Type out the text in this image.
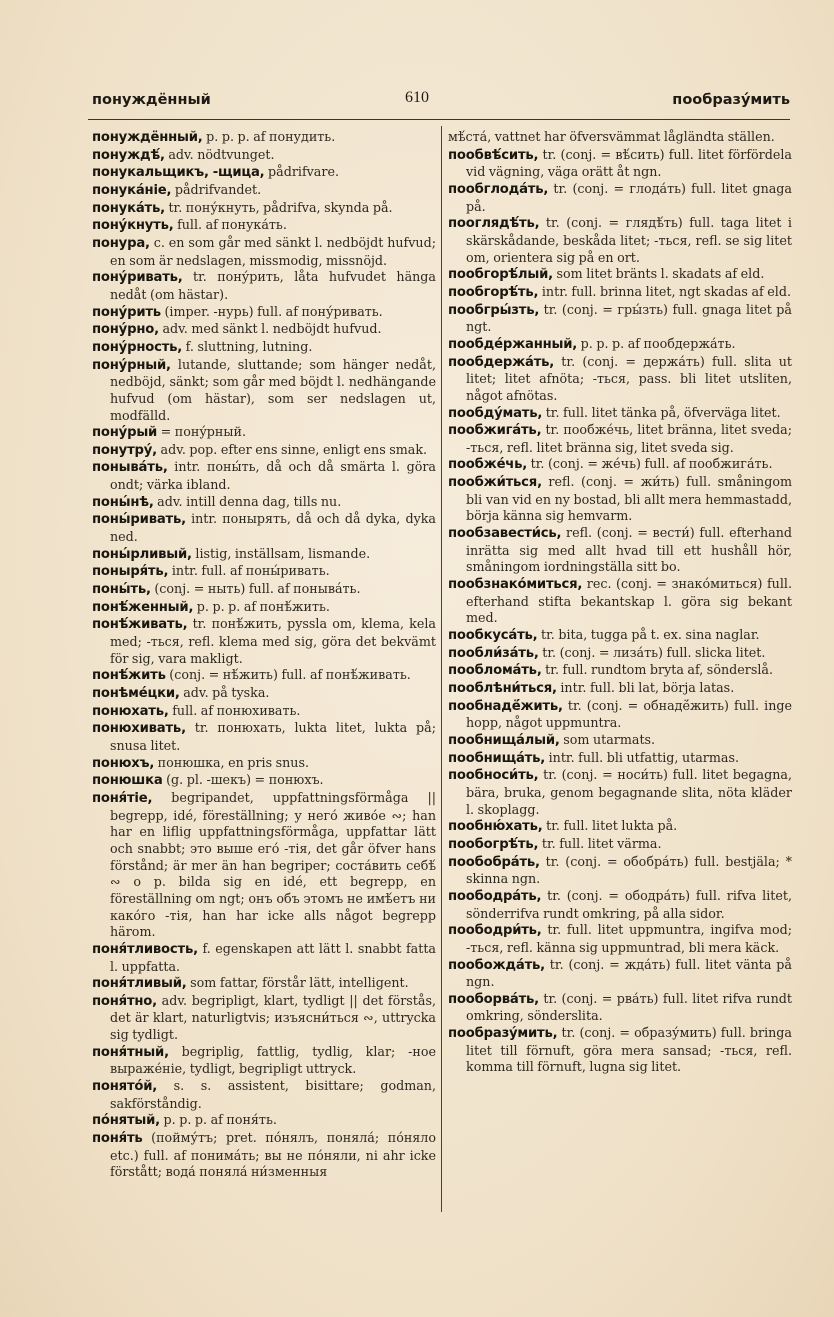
понуждённый	610	пообразу́мить

понуждённый, p. p. p. af понудить.

понуждѣ́, adv. nödtvunget.

понукальщикъ, -щица, pådrifvare.

понука́ніе, pådrifvandet.

понука́ть, tr. пону́кнуть, pådrifva, skynda på.

пону́кнуть, full. af понука́ть.

понура, c. en som går med sänkt l. nedböjdt hufvud; en som är nedslagen, missmodig, missnöjd.

пону́ривать, tr. пону́рить, låta hufvudet hänga nedåt (om hästar).

пону́рить (imper. -нурь) full. af пону́ривать.

пону́рно, adv. med sänkt l. nedböjdt hufvud.

пону́рность, f. sluttning, lutning.

пону́рный, lutande, sluttande; som hänger nedåt, nedböjd, sänkt; som går med böjdt l. nedhängande hufvud (om hästar), som ser nedslagen ut, modfälld.

пону́рый = пону́рный.

понутру́, adv. pop. efter ens sinne, enligt ens smak.

понывáть, intr. поны́ть, då och då smärta l. göra ondt; värka ibland.

поны́нѣ, adv. intill denna dag, tills nu.

поны́ривать, intr. понырять, då och då dyka, dyka ned.

поны́рливый, listig, inställsam, lismande.

поныря́ть, intr. full. af поны́ривать.

поны́ть, (conj. = ныть) full. af понывáть.

понѣ́женный, p. p. p. af понѣ́жить.

понѣ́живать, tr. понѣ́жить, pyssla om, klema, kela med; -ться, refl. klema med sig, göra det bekvämt för sig, vara makligt.

понѣ́жить (conj. = нѣ́жить) full. af понѣ́живать.

понѣмéцки, adv. på tyska.

понюхать, full. af понюхивать.

понюхивать, tr. понюхать, lukta litet, lukta på; snusa litet.

понюхъ, понюшка, en pris snus.

понюшка (g. pl. -шекъ) = понюхъ.

поня́тіе, begripandet, uppfattningsförmåga || begrepp, idé, föreställning; у него́ живо́е ∾; han har en liflig uppfattningsförmåga, uppfattar lätt och snabbt; это выше его́ -тія, det går öfver hans förstånd; är mer än han begriper; соста́вить себѣ́ ∾ о р. bilda sig en idé, ett begrepp, en föreställning om ngt; онъ объ этомъ не имѣ́етъ ни како́го -тія, han har icke alls något begrepp härom.

поня́тливость, f. egenskapen att lätt l. snabbt fatta l. uppfatta.

поня́тливый, som fattar, förstår lätt, intelligent.

поня́тно, adv. begripligt, klart, tydligt || det förstås, det är klart, naturligtvis; изъясни́ться ∾, uttrycka sig tydligt.

поня́тный, begriplig, fattlig, tydlig, klar; -ное выраже́ніе, tydligt, begripligt uttryck.

понято́й, s. s. assistent, bisittare; godman, sakförståndig.

по́нятый, p. p. p. af поня́ть.

поня́ть (пойму́тъ; pret. по́нялъ, поняла́; по́няло etc.) full. af понимáть; вы не по́няли, ni ahr icke förstått; вода́ поняла́ ни́зменныя

мѣ́ста́, vattnet har öfversvämmat lågländta ställen.

пообвѣ́сить, tr. (conj. = вѣ́сить) full. litet förfördela vid vägning, väga orätt åt ngn.

пообглода́ть, tr. (conj. = глода́ть) full. litet gnaga på.

пооглядѣ́ть, tr. (conj. = глядѣ́ть) full. taga litet i skärskådande, beskåda litet; -ться, refl. se sig litet om, orientera sig på en ort.

пообгорѣ́лый, som litet bränts l. skadats af eld.

пообгорѣ́ть, intr. full. brinna litet, ngt skadas af eld.

пообгры́зть, tr. (conj. = гры́зть) full. gnaga litet på ngt.

пообдéржанный, p. p. p. af пообдержа́ть.

пообдержа́ть, tr. (conj. = держа́ть) full. slita ut litet; litet afnöta; -ться, pass. bli litet utsliten, något afnötas.

пообду́мать, tr. full. litet tänka på, öfverväga litet.

пообжига́ть, tr. пообже́чь, litet bränna, litet sveda; -ться, refl. litet bränna sig, litet sveda sig.

пообже́чь, tr. (conj. = же́чь) full. af пообжига́ть.

пообжи́ться, refl. (conj. = жи́ть) full. småningom bli van vid en ny bostad, bli allt mera hemmastadd, börja känna sig hemvarm.

пообзавести́сь, refl. (conj. = вести́) full. efterhand inrätta sig med allt hvad till ett hushåll hör, småningom iordningställa sitt bo.

пообзнако́миться, rec. (conj. = знако́миться) full. efterhand stifta bekantskap l. göra sig bekant med.

пообкуса́ть, tr. bita, tugga på t. ex. sina naglar.

пообли́за́ть, tr. (conj. = лиза́ть) full. slicka litet.

пооблома́ть, tr. full. rundtom bryta af, sönderslå.

пооблѣни́ться, intr. full. bli lat, börja latas.

пообнадё́жить, tr. (conj. = обнадё́жить) full. inge hopp, något uppmuntra.

пообнища́лый, som utarmats.

пообнища́ть, intr. full. bli utfattig, utarmas.

пообноси́ть, tr. (conj. = носи́ть) full. litet begagna, bära, bruka, genom begagnande slita, nöta kläder l. skoplagg.

пообню́хать, tr. full. litet lukta på.

пообогрѣ́ть, tr. full. litet värma.

пообобра́ть, tr. (conj. = обобра́ть) full. bestjäla; * skinna ngn.

поободра́ть, tr. (conj. = ободра́ть) full. rifva litet, sönderrifva rundt omkring, på alla sidor.

поободри́ть, tr. full. litet uppmuntra, ingifva mod; -ться, refl. känna sig uppmuntrad, bli mera käck.

пообожда́ть, tr. (conj. = жда́ть) full. litet vänta på ngn.

пооборва́ть, tr. (conj. = рва́ть) full. litet rifva rundt omkring, sönderslita.

пообразу́мить, tr. (conj. = образу́мить) full. bringa litet till förnuft, göra mera sansad; -ться, refl. komma till förnuft, lugna sig litet.
